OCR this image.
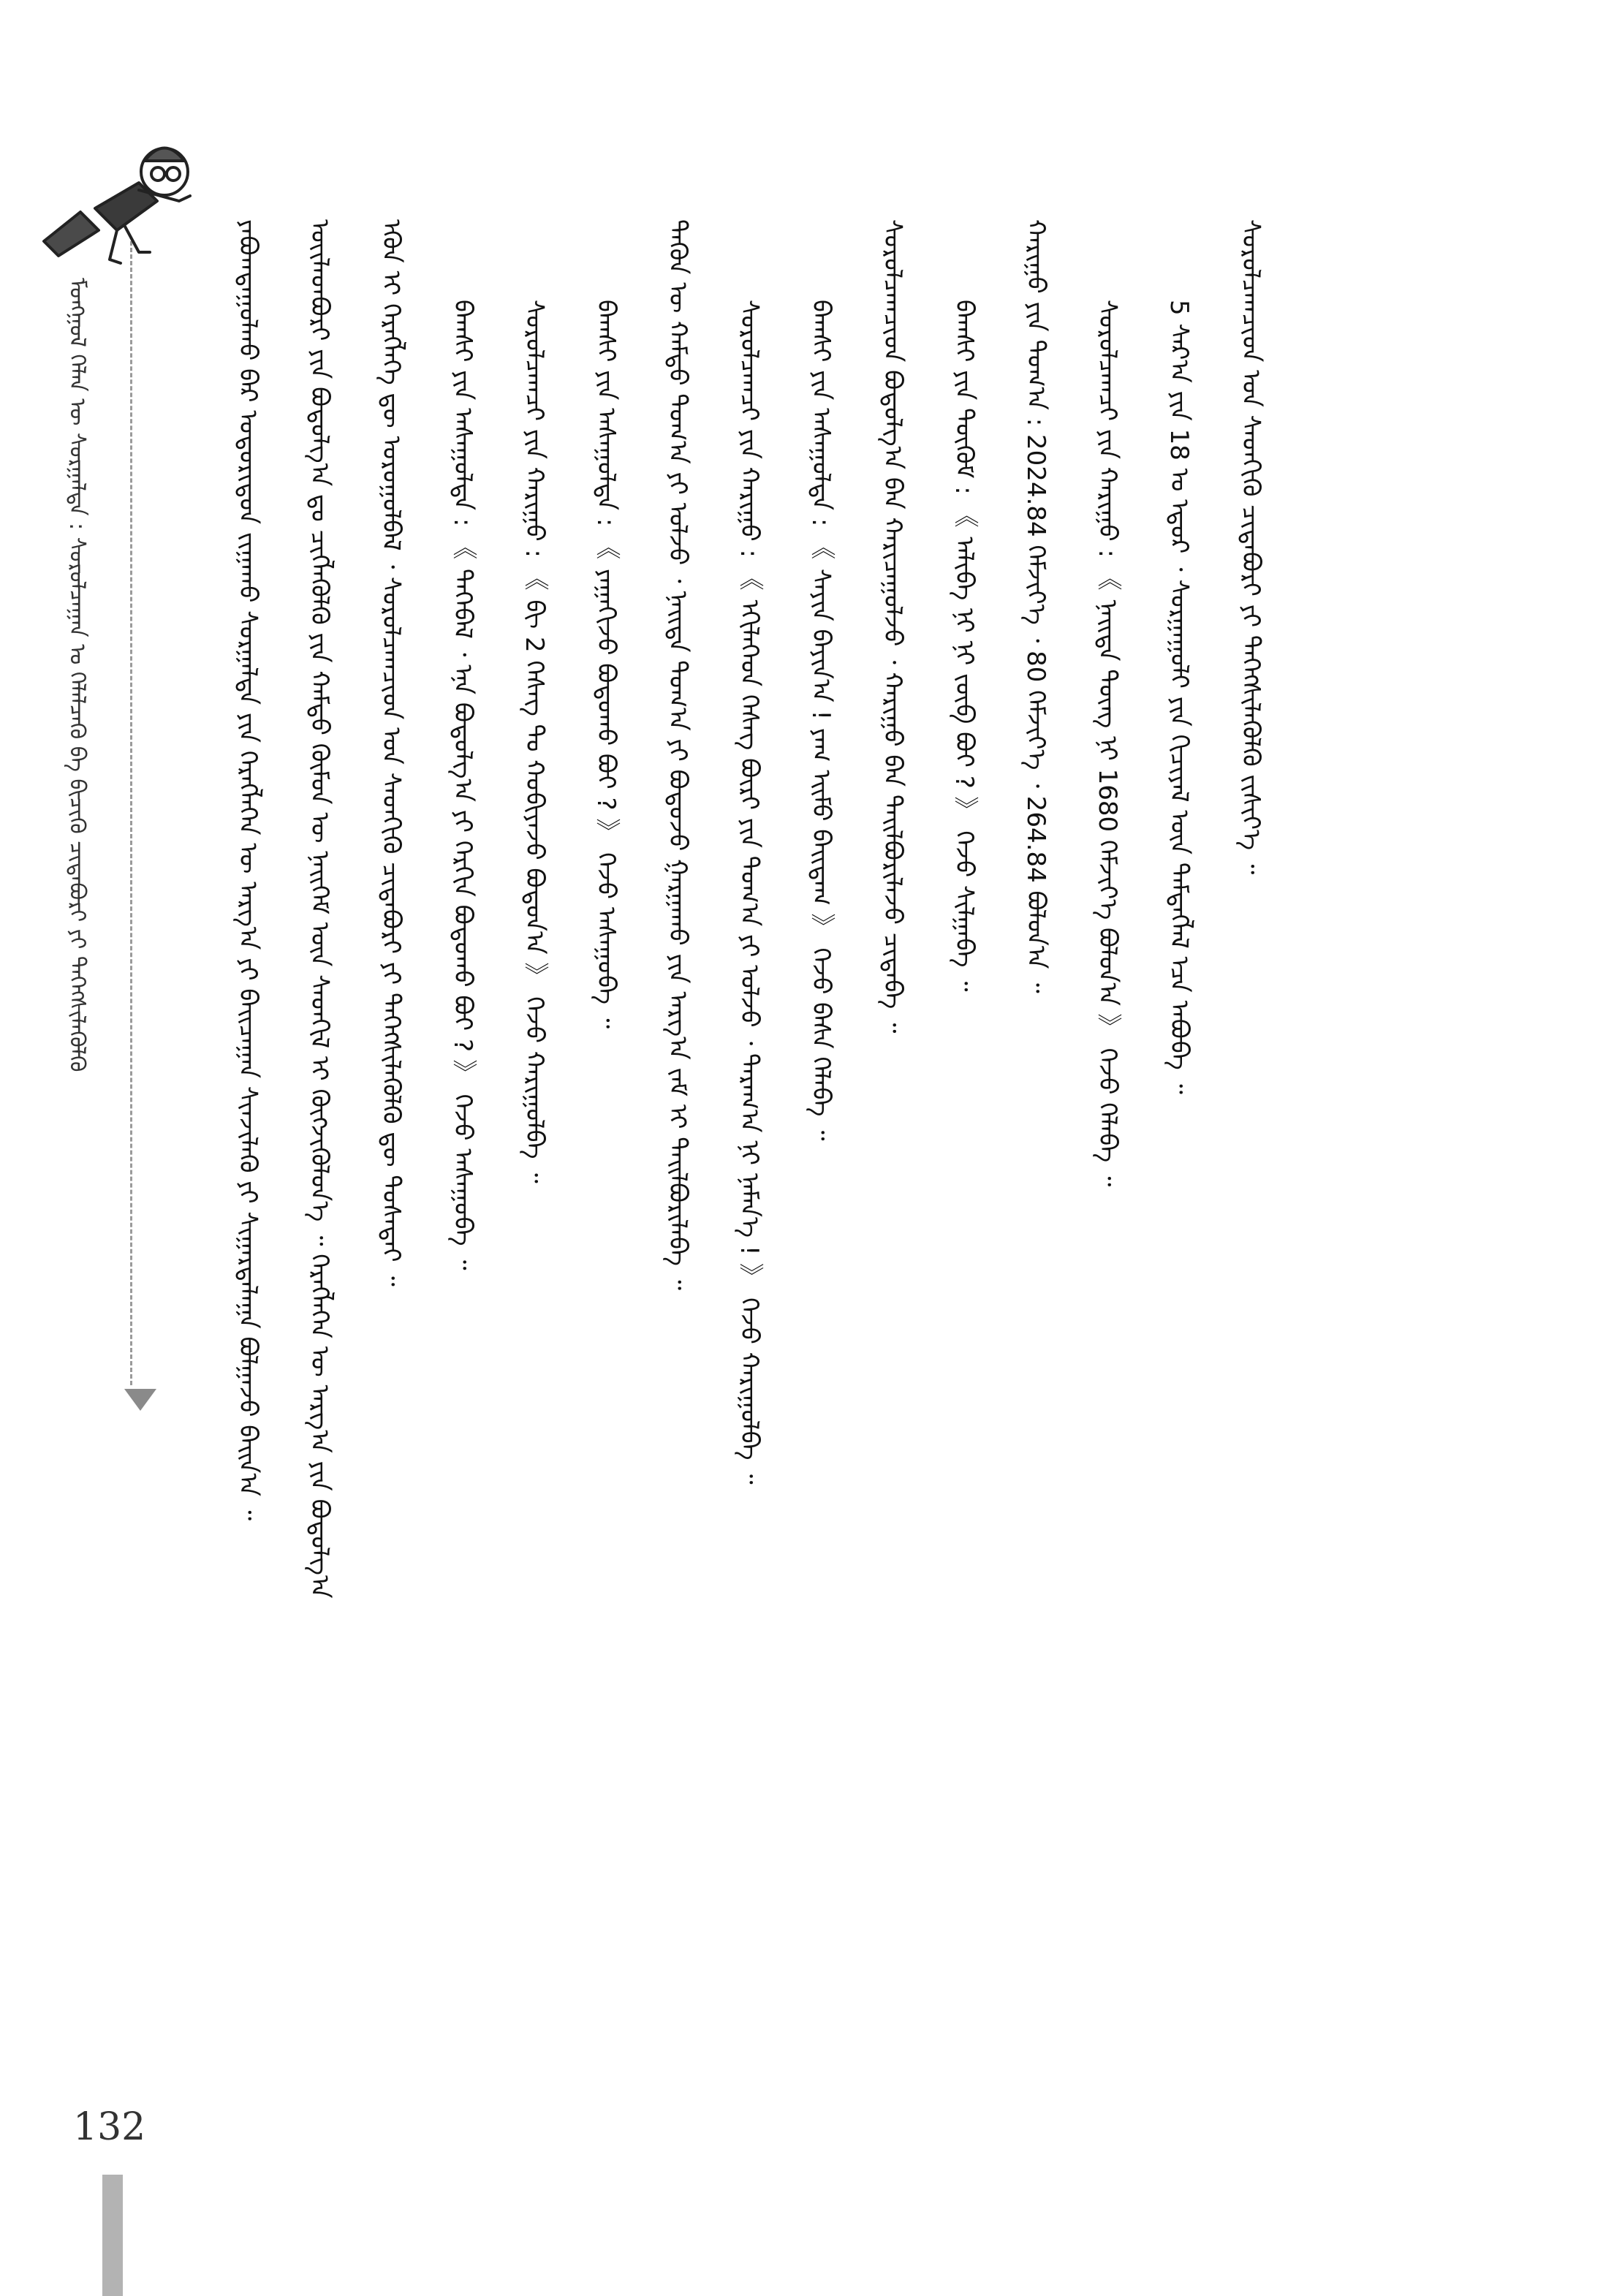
ᠮᠣᠩᠭᠣᠯ ᠬᠡᠯᠡᠨ ᠦ ᠰᠤᠷᠭᠠᠯᠲᠠ : ᠰᠤᠷᠤᠯᠴᠠᠭᠠᠨ ᠤ ᠬᠡᠯᠡᠯᠴᠡᠬᠦ ᠪᠠ ᠪᠢᠴᠢᠬᠦ ᠴᠢᠳᠠᠪᠤᠷᠢ ᠶᠢ ᠳᠡᠭᠡᠭᠰᠢᠯᠡᠭᠦᠯᠬᠦ	ᠶᠠᠪᠤᠭᠳᠠᠭᠤᠯᠬᠤ ᠪᠡᠷ ᠤᠳᠤᠷᠢᠳᠤᠨ ᠵᠢᠭᠠᠬᠤ ᠰᠤᠷᠭᠠᠯᠲᠠ ᠶᠢᠨ ᠬᠡᠷᠡᠭᠯᠡᠭᠡᠨ ᠦ ᠠᠷᠭ᠎ᠠ ᠶᠢ ᠪᠠᠢᠴᠠᠭᠠᠨ ᠰᠢᠨᠵᠢᠯᠡᠬᠦ ᠶᠢ ᠰᠢᠭᠠᠷᠳᠠᠯᠠᠭᠠ ᠪᠣᠯᠭᠠᠵᠤ ᠪᠠᠢᠨ᠎ᠠ ᠃	ᠦᠢᠯᠡᠳᠪᠦᠷᠢ ᠶᠢᠨ ᠪᠣᠳᠤᠯᠭ᠎ᠠ ᠳᠤ ᠴᠢᠭᠯᠡᠭᠦᠯᠬᠦ ᠶᠢᠨ ᠬᠠᠮᠲᠤ ᠬᠦᠮᠦᠨ ᠦ ᠨᠡᠢᠭᠡᠮ ᠦᠨ ᠰᠡᠳᠭᠢᠯ ᠢ ᠬᠥᠭᠵᠢᠭᠦᠯᠦᠨ᠎ᠡ ᠃ ᠬᠡᠷᠡᠭᠯᠡᠭᠡᠨ ᠦ ᠠᠷᠭ᠎ᠠ ᠶᠢᠨ ᠪᠣᠳᠤᠯᠭ᠎ᠠ	ᠡᠭᠦᠨ ᠢ ᠬᠡᠷᠡᠭᠯᠡᠭᠡ ᠳᠦ ᠣᠷᠣᠭᠤᠯᠪᠠᠯ ᠂ ᠰᠤᠷᠤᠯᠴᠠᠭᠴᠢᠳ ᠤᠨ ᠰᠡᠳᠬᠢᠬᠦ ᠴᠢᠳᠠᠪᠤᠷᠢ ᠶᠢ ᠳᠡᠭᠡᠭᠰᠢᠯᠡᠭᠦᠯᠬᠦ ᠳᠦ ᠲᠤᠰᠠᠲᠠᠢ ᠃	ᠪᠠᠭᠰᠢ ᠶᠢᠨ ᠠᠰᠠᠭᠤᠯᠲᠠ : 《 ᠲᠡᠭᠡᠪᠡᠯ ᠂ ᠡᠨᠡ ᠪᠣᠳᠤᠯᠭ᠎ᠠ ᠶᠢ ᠬᠡᠷᠬᠢᠨ ᠪᠣᠳᠣᠬᠤ ᠪᠤᠢ ? 》 ᠭᠡᠵᠦ ᠠᠰᠠᠭᠤᠪᠠ ᠃	ᠰᠤᠷᠤᠯᠴᠠᠭᠴᠢ ᠶᠢᠨ ᠬᠠᠷᠢᠭᠤ : 《 ᠪᠢ 2 ᠬᠡᠰᠡᠭ ᠲᠤ ᠬᠤᠪᠢᠶᠠᠵᠤ ᠪᠣᠳᠣᠨ᠎ᠠ 》 ᠭᠡᠵᠦ ᠬᠠᠷᠢᠭᠤᠯᠪᠠ ᠃	ᠪᠠᠭᠰᠢ ᠶᠢᠨ ᠠᠰᠠᠭᠤᠯᠲᠠ : 《 ᠶᠠᠭᠠᠬᠢᠵᠤ ᠪᠣᠳᠣᠬᠤ ᠪᠤᠢ ? 》 ᠭᠡᠵᠦ ᠠᠰᠠᠭᠤᠪᠠ ᠃	ᠲᠡᠭᠦᠨ ᠦ ᠬᠠᠮᠲᠤ ᠲᠣᠭ᠎ᠠ ᠶᠢ ᠣᠯᠵᠤ ᠂ ᠨᠡᠢᠲᠡ ᠲᠣᠭ᠎ᠠ ᠶᠢ ᠪᠣᠳᠣᠵᠤ ᠭᠠᠷᠭᠠᠬᠤ ᠶᠢᠨ ᠠᠷᠭ᠎ᠠ ᠵᠠᠮ ᠢ ᠲᠠᠢᠯᠪᠤᠷᠢᠯᠠᠪᠠ ᠃	ᠰᠤᠷᠤᠯᠴᠠᠭᠴᠢ ᠶᠢᠨ ᠬᠠᠷᠢᠭᠤ : 《 ᠡᠬᠢᠯᠡᠭᠡᠳ ᠬᠡᠰᠡᠭ ᠪᠦᠷᠢ ᠶᠢᠨ ᠲᠣᠭ᠎ᠠ ᠶᠢ ᠣᠯᠵᠤ ᠂ ᠳᠠᠷᠠᠭ᠎ᠠ ᠨᠢ ᠨᠡᠮᠡᠨ᠎ᠡ ! 》 ᠭᠡᠵᠦ ᠬᠠᠷᠢᠭᠤᠯᠪᠠ ᠃	ᠪᠠᠭᠰᠢ ᠶᠢᠨ ᠠᠰᠠᠭᠤᠯᠲᠠ : 《 ᠰᠠᠶᠢᠨ ᠪᠠᠶᠢᠨ᠎ᠠ ! ᠶᠠᠭ ᠡᠢᠮᠦ ᠪᠠᠢᠳᠠᠭ 》 ᠭᠡᠵᠦ ᠪᠠᠰᠠ ᠬᠡᠯᠡᠪᠡ ᠃	ᠰᠤᠷᠤᠯᠴᠠᠭᠴᠢᠳ ᠪᠤᠳᠤᠯᠭ᠎ᠠ ᠪᠠᠨ ᠬᠠᠷᠢᠴᠠᠭᠤᠯᠵᠤ ᠂ ᠬᠠᠷᠢᠭᠤ ᠪᠠᠨ ᠲᠠᠢᠯᠪᠤᠷᠢᠯᠠᠵᠤ ᠴᠢᠳᠠᠪᠠ ᠃	ᠪᠠᠭᠰᠢ ᠶᠢᠨ ᠳᠦᠭᠦᠮ : 《 ᠠᠯᠢᠪᠠ ᠨᠢ ᠨᠢ ᠵᠥᠪ ᠪᠤᠢ ? 》 ᠭᠡᠵᠦ ᠰᠢᠯᠭᠠᠪᠠ ᠃	ᠬᠠᠷᠢᠭᠤ ᠶᠢᠨ ᠲᠣᠭ᠎ᠠ : 2024.84 ᠬᠡᠮᠵᠢᠶ᠎ᠡ ᠂ 80 ᠬᠡᠮᠵᠢᠶ᠎ᠡ ᠂ 264.84 ᠪᠣᠯᠤᠨ᠎ᠠ ᠃	ᠰᠤᠷᠤᠯᠴᠠᠭᠴᠢ ᠶᠢᠨ ᠬᠠᠷᠢᠭᠤ : 《 ᠨᠡᠢᠲᠡ ᠳᠦᠩ ᠨᠢ 1680 ᠬᠡᠮᠵᠢᠶ᠎ᠡ ᠪᠣᠯᠤᠨ᠎ᠠ 》 ᠭᠡᠵᠦ ᠬᠡᠯᠡᠪᠡ ᠃	5 ᠰᠠᠷ᠎ᠠ ᠶᠢᠨ 18 ᠤ ᠡᠳᠦᠷ ᠂ ᠰᠤᠷᠭᠠᠭᠤᠯᠢ ᠶᠢᠨ ᠬᠢᠴᠢᠶᠡᠯ ᠦᠨ ᠲᠡᠮᠳᠡᠭᠯᠡᠯ ᠡᠴᠡ ᠠᠪᠤᠪᠠ ᠃	ᠰᠤᠷᠤᠯᠴᠠᠭᠴᠢᠳ ᠤᠨ ᠰᠡᠳᠬᠢᠬᠦ ᠴᠢᠳᠠᠪᠤᠷᠢ ᠶᠢ ᠳᠡᠭᠡᠭᠰᠢᠯᠡᠭᠦᠯᠬᠦ ᠵᠢᠱᠢᠶ᠎ᠡ ᠃
132
